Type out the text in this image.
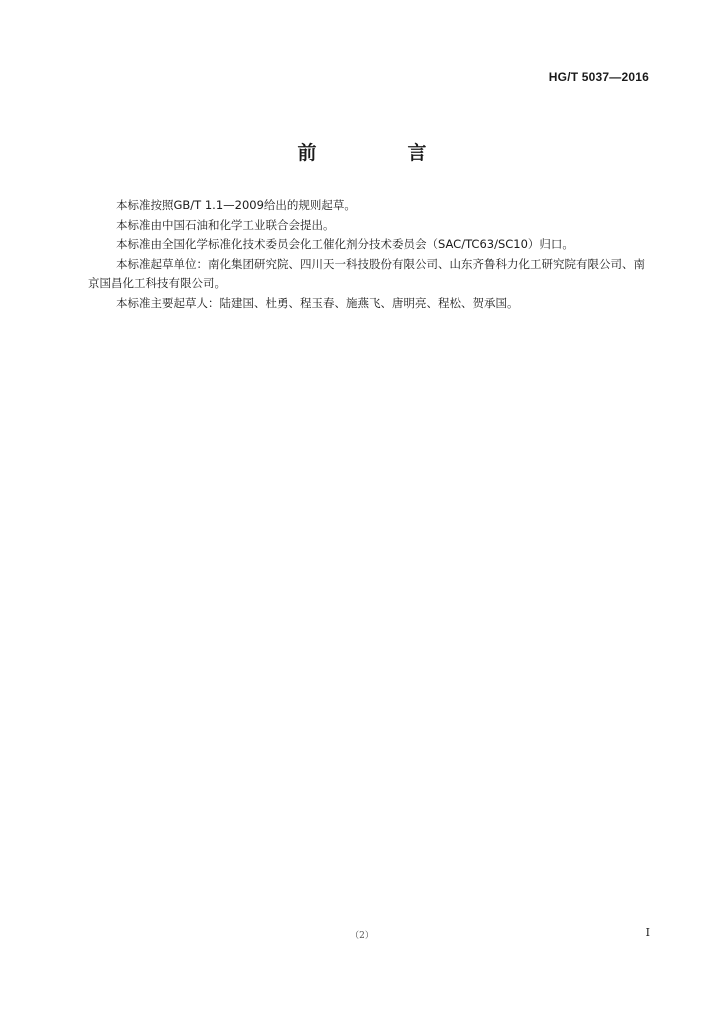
HG/T 5037—2016
前　言

本标准按照GB/T 1.1—2009给出的规则起草。

本标准由中国石油和化学工业联合会提出。

本标准由全国化学标准化技术委员会化工催化剂分技术委员会（SAC/TC63/SC10）归口。

本标准起草单位：南化集团研究院、四川天一科技股份有限公司、山东齐鲁科力化工研究院有限公司、南京国昌化工科技有限公司。

本标准主要起草人：陆建国、杜勇、程玉春、施燕飞、唐明亮、程松、贺承国。

（2）	I
